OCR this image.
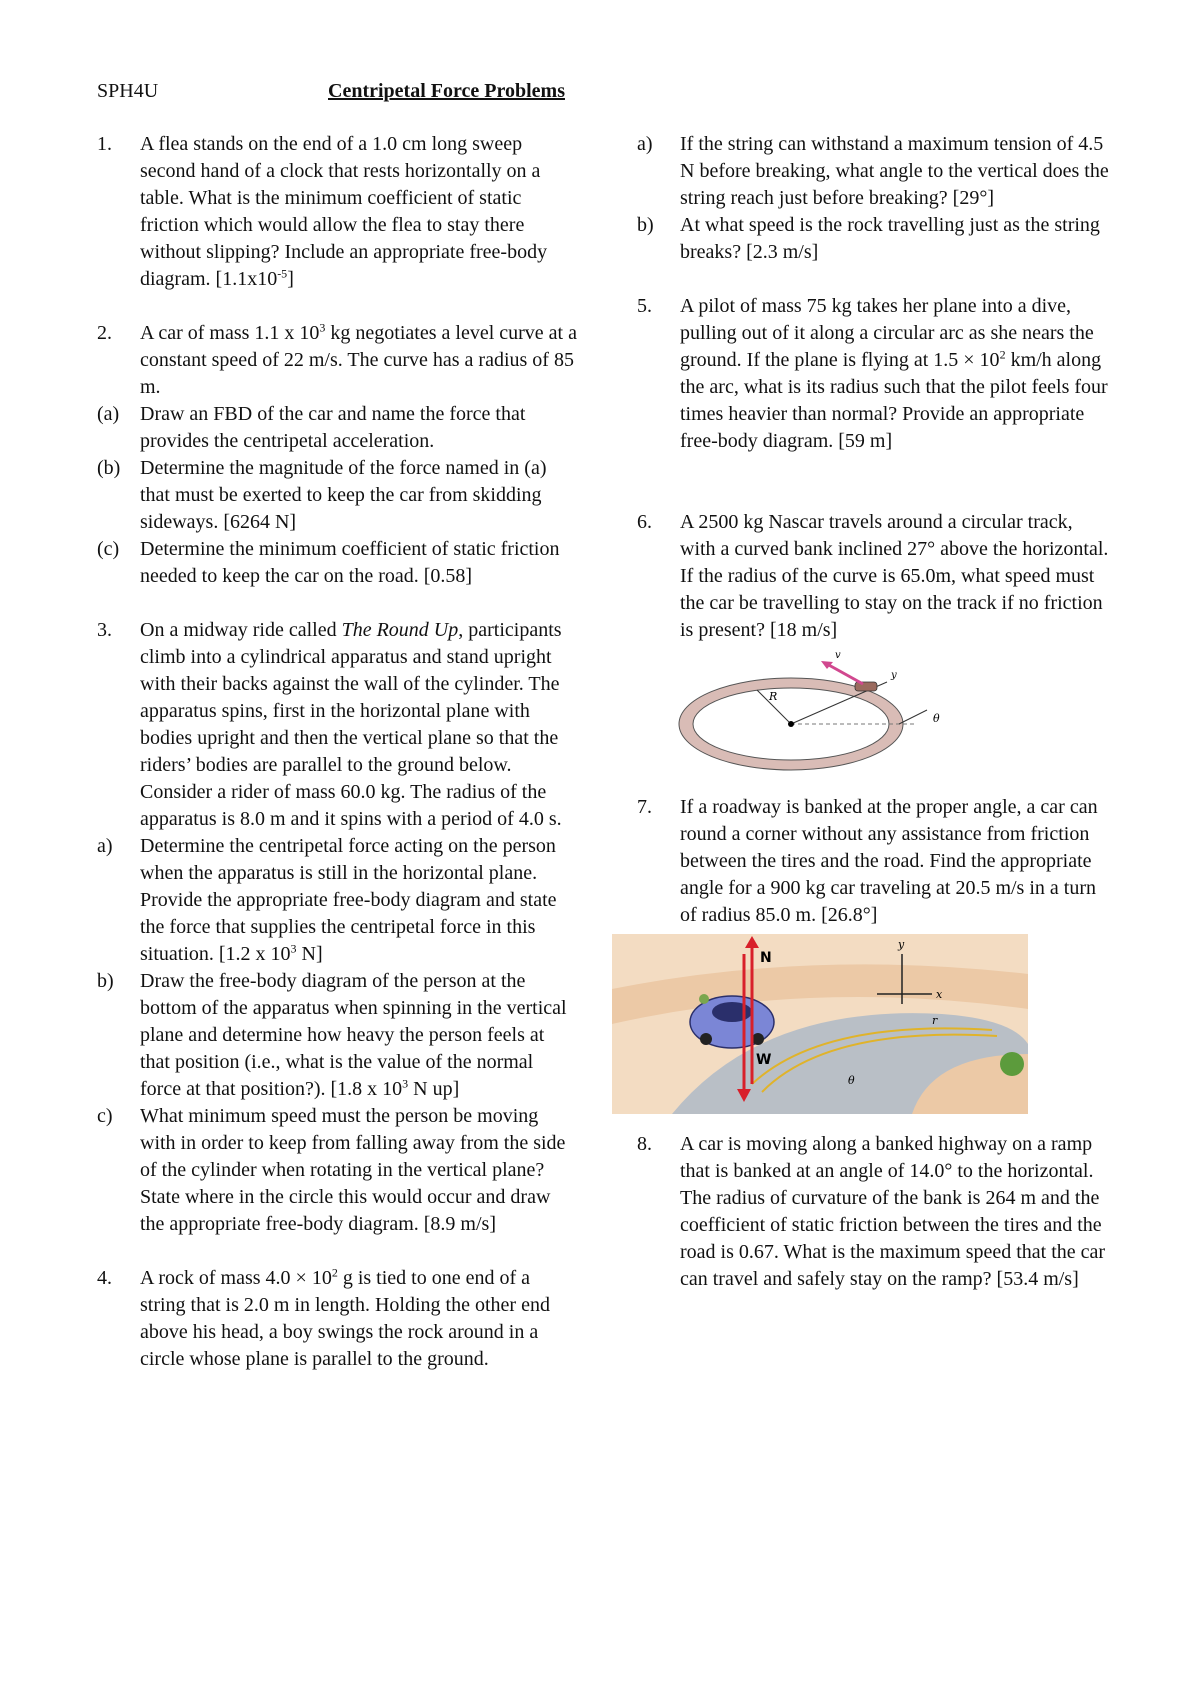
SPH4U	Centripetal Force Problems
1.	A flea stands on the end of a 1.0 cm long sweep second hand of a clock that rests horizontally on a table. What is the minimum coefficient of static friction which would allow the flea to stay there without slipping? Include an appropriate free-body diagram. $[1.1x10^{-5}]$
2.	A car of mass 1.1 x $10^3$ kg negotiates a level curve at a constant speed of 22 m/s. The curve has a radius of 85 m.
(a)	Draw an FBD of the car and name the force that provides the centripetal acceleration.
(b) Determine the magnitude of the force named in (a) that must be exerted to keep the car from skidding sideways. [6264 N]
(c)	Determine the minimum coefficient of static friction needed to keep the car on the road. [0.58]
3.	On a midway ride called The Round Up, participants climb into a cylindrical apparatus and stand upright with their backs against the wall of the cylinder. The apparatus spins, first in the horizontal plane with bodies upright and then the vertical plane so that the riders’ bodies are parallel to the ground below. Consider a rider of mass 60.0 kg. The radius of the apparatus is 8.0 m and it spins with a period of 4.0 s.
a)	Determine the centripetal force acting on the person when the apparatus is still in the horizontal plane. Provide the appropriate free-body diagram and state the force that supplies the centripetal force in this situation. [1.2 x $10^3$ N]
b)	Draw the free-body diagram of the person at the bottom of the apparatus when spinning in the vertical plane and determine how heavy the person feels at that position (i.e., what is the value of the normal force at that position?). [1.8 x $10^3$ N up]
c)	What minimum speed must the person be moving with in order to keep from falling away from the side of the cylinder when rotating in the vertical plane? State where in the circle this would occur and draw the appropriate free-body diagram. [8.9 m/s]
4.	A rock of mass $4.0 \times 10^2$ g is tied to one end of a string that is 2.0 m in length. Holding the other end above his head, a boy swings the rock around in a circle whose plane is parallel to the ground.
a)	If the string can withstand a maximum tension of 4.5 N before breaking, what angle to the vertical does the string reach just before breaking? [29°]
b)	At what speed is the rock travelling just as the string breaks? [2.3 m/s]
5.	A pilot of mass 75 kg takes her plane into a dive, pulling out of it along a circular arc as she nears the ground. If the plane is flying at $1.5 \times 10^2$ km/h along the arc, what is its radius such that the pilot feels four times heavier than normal? Provide an appropriate free-body diagram. [59 m]
6.	A 2500 kg Nascar travels around a circular track, with a curved bank inclined 27° above the horizontal. If the radius of the curve is 65.0m, what speed must the car be travelling to stay on the track if no friction is present? [18 m/s]
R
v
y
θ
7.	If a roadway is banked at the proper angle, a car can round a corner without any assistance from friction between the tires and the road. Find the appropriate angle for a 900 kg car traveling at 20.5 m/s in a turn of radius 85.0 m. [26.8°]
N
W
y
x
r
θ
8.	A car is moving along a banked highway on a ramp that is banked at an angle of 14.0° to the horizontal. The radius of curvature of the bank is 264 m and the coefficient of static friction between the tires and the road is 0.67. What is the maximum speed that the car can travel and safely stay on the ramp? [53.4 m/s]
